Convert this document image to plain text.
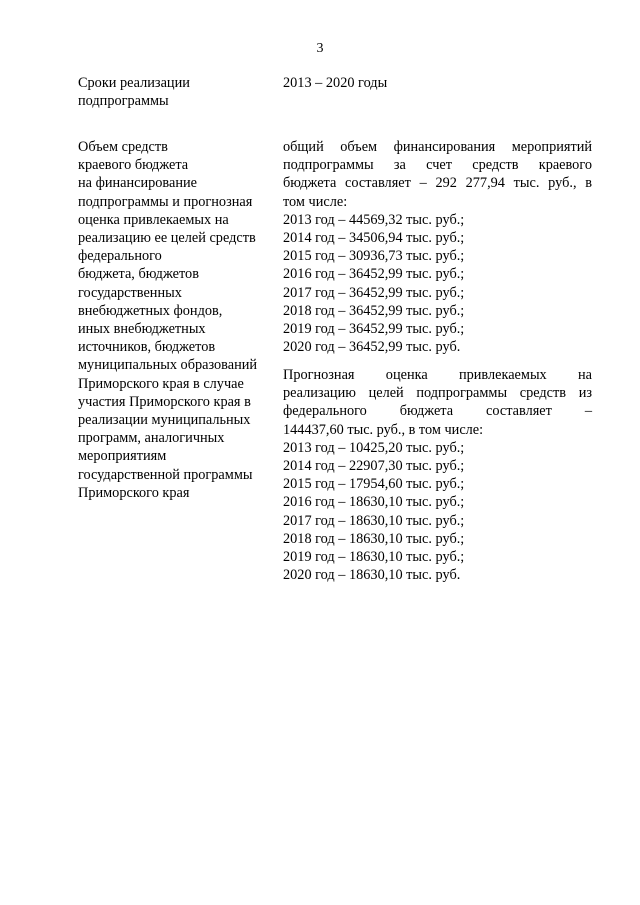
3
Сроки реализации
подпрограммы
2013 – 2020 годы
Объем средств
краевого бюджета
на финансирование
подпрограммы и прогнозная
оценка привлекаемых на
реализацию ее целей средств
федерального
бюджета, бюджетов
государственных
внебюджетных фондов,
иных внебюджетных
источников, бюджетов
муниципальных образований
Приморского края в случае
участия Приморского края в
реализации муниципальных
программ, аналогичных
мероприятиям
государственной программы
Приморского края
общий объем финансирования мероприятий
подпрограммы за счет средств краевого
бюджета составляет – 292 277,94 тыс. руб., в
том числе:
2013 год – 44569,32 тыс. руб.;
2014 год – 34506,94 тыс. руб.;
2015 год – 30936,73 тыс. руб.;
2016 год – 36452,99 тыс. руб.;
2017 год – 36452,99 тыс. руб.;
2018 год – 36452,99 тыс. руб.;
2019 год – 36452,99 тыс. руб.;
2020 год – 36452,99 тыс. руб.
Прогнозная оценка привлекаемых на
реализацию целей подпрограммы средств из
федерального бюджета составляет –
144437,60 тыс. руб., в том числе:
2013 год – 10425,20 тыс. руб.;
2014 год – 22907,30 тыс. руб.;
2015 год – 17954,60 тыс. руб.;
2016 год – 18630,10 тыс. руб.;
2017 год – 18630,10 тыс. руб.;
2018 год – 18630,10 тыс. руб.;
2019 год – 18630,10 тыс. руб.;
2020 год – 18630,10 тыс. руб.
